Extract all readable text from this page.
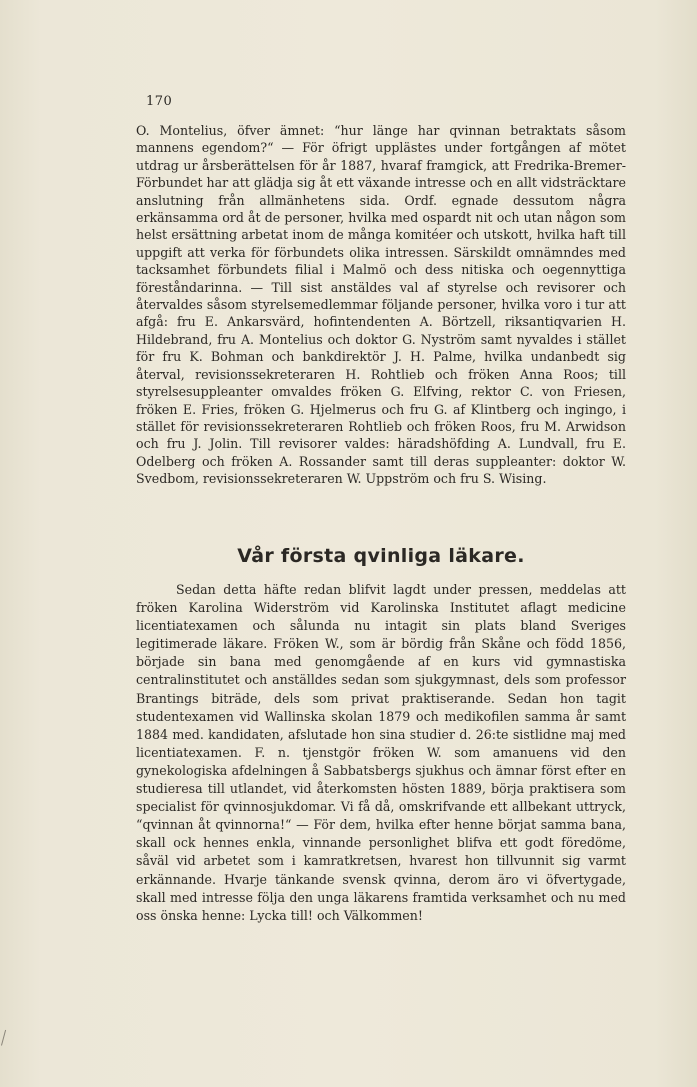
170

O. Montelius, öfver ämnet: “hur länge har qvinnan betraktats såsom mannens egendom?“ — För öfrigt upplästes under fortgången af mötet utdrag ur årsberättelsen för år 1887, hvaraf framgick, att Fredrika-Bremer-Förbundet har att glädja sig åt ett växande intresse och en allt vidsträcktare anslutning från allmänhetens sida. Ordf. egnade dessutom några erkänsamma ord åt de personer, hvilka med ospardt nit och utan någon som helst ersättning arbetat inom de många komitéer och utskott, hvilka haft till uppgift att verka för förbundets olika intressen. Särskildt omnämndes med tacksamhet förbundets filial i Malmö och dess nitiska och oegennyttiga föreståndarinna. — Till sist anstäldes val af styrelse och revisorer och återvaldes såsom styrelsemedlemmar följande personer, hvilka voro i tur att afgå: fru E. Ankarsvärd, hofintendenten A. Börtzell, riksantiqvarien H. Hildebrand, fru A. Montelius och doktor G. Nyström samt nyvaldes i stället för fru K. Bohman och bankdirektör J. H. Palme, hvilka undanbedt sig återval, revisionssekreteraren H. Rohtlieb och fröken Anna Roos; till styrelsesuppleanter omvaldes fröken G. Elfving, rektor C. von Friesen, fröken E. Fries, fröken G. Hjelmerus och fru G. af Klintberg och ingingo, i stället för revisionssekreteraren Rohtlieb och fröken Roos, fru M. Arwidson och fru J. Jolin. Till revisorer valdes: häradshöfding A. Lundvall, fru E. Odelberg och fröken A. Rossander samt till deras suppleanter: doktor W. Svedbom, revisionssekreteraren W. Uppström och fru S. Wising.

Vår första qvinliga läkare.

Sedan detta häfte redan blifvit lagdt under pressen, meddelas att fröken Karolina Widerström vid Karolinska Institutet aflagt medicine licentiatexamen och sålunda nu intagit sin plats bland Sveriges legitimerade läkare. Fröken W., som är bördig från Skåne och född 1856, började sin bana med genomgående af en kurs vid gymnastiska centralinstitutet och anställdes sedan som sjukgymnast, dels som professor Brantings biträde, dels som privat praktiserande. Sedan hon tagit studentexamen vid Wallinska skolan 1879 och medikofilen samma år samt 1884 med. kandidaten, afslutade hon sina studier d. 26:te sistlidne maj med licentiatexamen. F. n. tjenstgör fröken W. som amanuens vid den gynekologiska afdelningen å Sabbatsbergs sjukhus och ämnar först efter en studieresa till utlandet, vid återkomsten hösten 1889, börja praktisera som specialist för qvinnosjukdomar. Vi få då, omskrifvande ett allbekant uttryck, “qvinnan åt qvinnorna!“ — För dem, hvilka efter henne börjat samma bana, skall ock hennes enkla, vinnande personlighet blifva ett godt föredöme, såväl vid arbetet som i kamratkretsen, hvarest hon tillvunnit sig varmt erkännande. Hvarje tänkande svensk qvinna, derom äro vi öfvertygade, skall med intresse följa den unga läkarens framtida verksamhet och nu med oss önska henne: Lycka till! och Välkommen!
